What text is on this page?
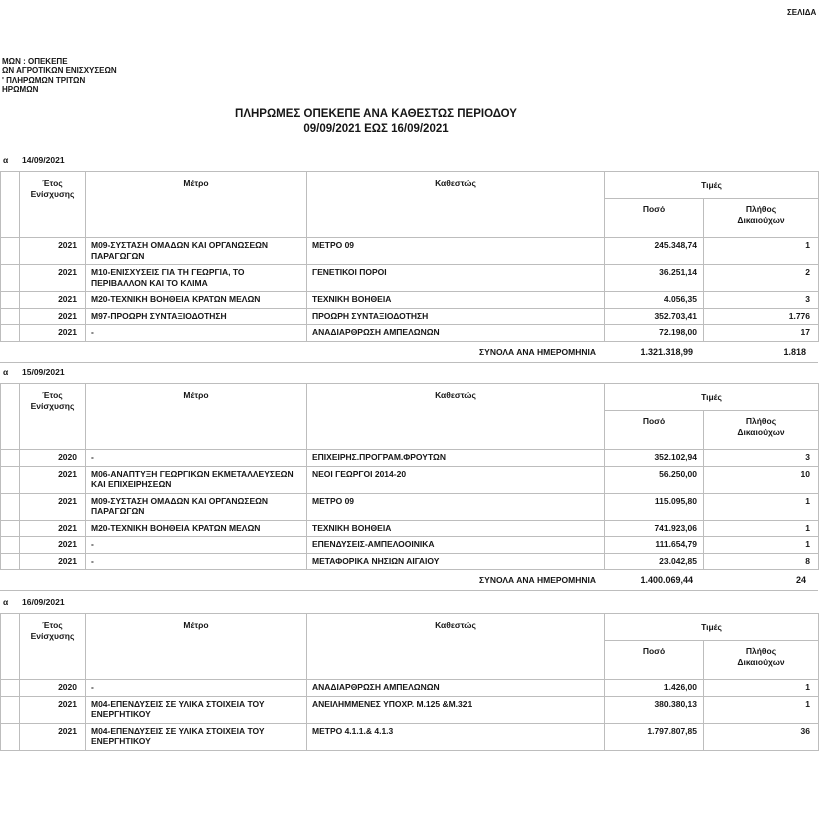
ΣΕΛΙΔΑ
ΜΩΝ : ΟΠΕΚΕΠΕ
ΩΝ ΑΓΡΟΤΙΚΩΝ ΕΝΙΣΧΥΣΕΩΝ
' ΠΛΗΡΩΜΩΝ ΤΡΙΤΩΝ
ΗΡΩΜΩΝ
ΠΛΗΡΩΜΕΣ ΟΠΕΚΕΠΕ ΑΝΑ ΚΑΘΕΣΤΩΣ ΠΕΡΙΟΔΟΥ
09/09/2021 ΕΩΣ 16/09/2021
α 14/09/2021
	Έτος Ενίσχυσης	Μέτρο	Καθεστώς	Τιμές	
				Ποσό	Πλήθος Δικαιούχων
	2021	M09-ΣΥΣΤΑΣΗ ΟΜΑΔΩΝ ΚΑΙ ΟΡΓΑΝΩΣΕΩΝ ΠΑΡΑΓΩΓΩΝ	ΜΕΤΡΟ 09	245.348,74	1
	2021	M10-ΕΝΙΣΧΥΣΕΙΣ ΓΙΑ ΤΗ ΓΕΩΡΓΙΑ, ΤΟ ΠΕΡΙΒΑΛΛΟΝ ΚΑΙ ΤΟ ΚΛΙΜΑ	ΓΕΝΕΤΙΚΟΙ ΠΟΡΟΙ	36.251,14	2
	2021	M20-ΤΕΧΝΙΚΗ ΒΟΗΘΕΙΑ ΚΡΑΤΩΝ ΜΕΛΩΝ	ΤΕΧΝΙΚΗ ΒΟΗΘΕΙΑ	4.056,35	3
	2021	M97-ΠΡΟΩΡΗ ΣΥΝΤΑΞΙΟΔΟΤΗΣΗ	ΠΡΟΩΡΗ ΣΥΝΤΑΞΙΟΔΟΤΗΣΗ	352.703,41	1.776
	2021	-	ΑΝΑΔΙΑΡΘΡΩΣΗ ΑΜΠΕΛΩΝΩΝ	72.198,00	17
ΣΥΝΟΛΑ ΑΝΑ ΗΜΕΡΟΜΗΝΙΑ	1.321.318,99	1.818
α 15/09/2021
	Έτος Ενίσχυσης	Μέτρο	Καθεστώς	Τιμές	
				Ποσό	Πλήθος Δικαιούχων
	2020	-	ΕΠΙΧΕΙΡΗΣ.ΠΡΟΓΡΑΜ.ΦΡΟΥΤΩΝ	352.102,94	3
	2021	M06-ΑΝΑΠΤΥΞΗ ΓΕΩΡΓΙΚΩΝ ΕΚΜΕΤΑΛΛΕΥΣΕΩΝ ΚΑΙ ΕΠΙΧΕΙΡΗΣΕΩΝ	ΝΕΟΙ ΓΕΩΡΓΟΙ 2014-20	56.250,00	10
	2021	M09-ΣΥΣΤΑΣΗ ΟΜΑΔΩΝ ΚΑΙ ΟΡΓΑΝΩΣΕΩΝ ΠΑΡΑΓΩΓΩΝ	ΜΕΤΡΟ 09	115.095,80	1
	2021	M20-ΤΕΧΝΙΚΗ ΒΟΗΘΕΙΑ ΚΡΑΤΩΝ ΜΕΛΩΝ	ΤΕΧΝΙΚΗ ΒΟΗΘΕΙΑ	741.923,06	1
	2021	-	ΕΠΕΝΔΥΣΕΙΣ-ΑΜΠΕΛΟΟΙΝΙΚΑ	111.654,79	1
	2021	-	ΜΕΤΑΦΟΡΙΚΑ ΝΗΣΙΩΝ ΑΙΓΑΙΟΥ	23.042,85	8
ΣΥΝΟΛΑ ΑΝΑ ΗΜΕΡΟΜΗΝΙΑ	1.400.069,44	24
α 16/09/2021
	Έτος Ενίσχυσης	Μέτρο	Καθεστώς	Τιμές	
				Ποσό	Πλήθος Δικαιούχων
	2020	-	ΑΝΑΔΙΑΡΘΡΩΣΗ ΑΜΠΕΛΩΝΩΝ	1.426,00	1
	2021	M04-ΕΠΕΝΔΥΣΕΙΣ ΣΕ ΥΛΙΚΑ ΣΤΟΙΧΕΙΑ ΤΟΥ ΕΝΕΡΓΗΤΙΚΟΥ	ΑΝΕΙΛΗΜΜΕΝΕΣ ΥΠΟΧΡ. Μ.125 &Μ.321	380.380,13	1
	2021	M04-ΕΠΕΝΔΥΣΕΙΣ ΣΕ ΥΛΙΚΑ ΣΤΟΙΧΕΙΑ ΤΟΥ ΕΝΕΡΓΗΤΙΚΟΥ	ΜΕΤΡΟ 4.1.1.& 4.1.3	1.797.807,85	36
